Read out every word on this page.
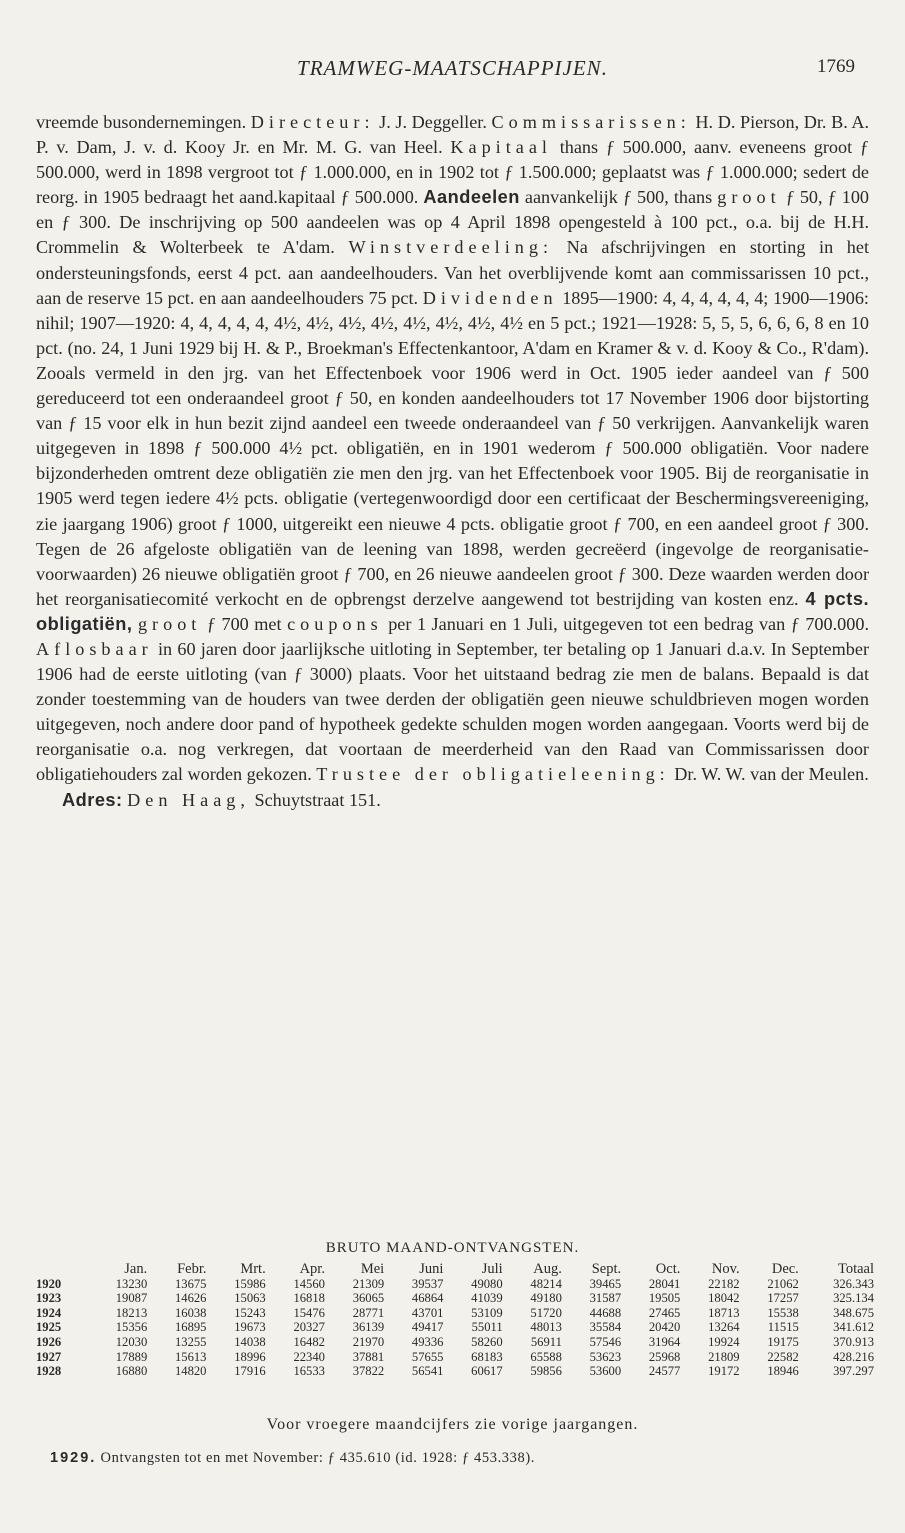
TRAMWEG-MAATSCHAPPIJEN.	1769

vreemde busondernemingen. Directeur: J. J. Deggeller. Commissarissen: H. D. Pierson, Dr. B. A. P. v. Dam, J. v. d. Kooy Jr. en Mr. M. G. van Heel. Kapitaal thans ƒ 500.000, aanv. eveneens groot ƒ 500.000, werd in 1898 vergroot tot ƒ 1.000.000, en in 1902 tot ƒ 1.500.000; geplaatst was ƒ 1.000.000; sedert de reorg. in 1905 bedraagt het aand.kapitaal ƒ 500.000. Aandeelen aanvankelijk ƒ 500, thans groot ƒ 50, ƒ 100 en ƒ 300. De inschrijving op 500 aandeelen was op 4 April 1898 opengesteld à 100 pct., o.a. bij de H.H. Crommelin & Wolterbeek te A'dam. Winstverdeeling: Na afschrijvingen en storting in het ondersteuningsfonds, eerst 4 pct. aan aandeelhouders. Van het overblijvende komt aan commissarissen 10 pct., aan de reserve 15 pct. en aan aandeelhouders 75 pct. Dividenden 1895—1900: 4, 4, 4, 4, 4, 4; 1900—1906: nihil; 1907—1920: 4, 4, 4, 4, 4, 4½, 4½, 4½, 4½, 4½, 4½, 4½, 4½ en 5 pct.; 1921—1928: 5, 5, 5, 6, 6, 6, 8 en 10 pct. (no. 24, 1 Juni 1929 bij H. & P., Broekman's Effectenkantoor, A'dam en Kramer & v. d. Kooy & Co., R'dam). Zooals vermeld in den jrg. van het Effectenboek voor 1906 werd in Oct. 1905 ieder aandeel van ƒ 500 gereduceerd tot een onderaandeel groot ƒ 50, en konden aandeelhouders tot 17 November 1906 door bijstorting van ƒ 15 voor elk in hun bezit zijnd aandeel een tweede onderaandeel van ƒ 50 verkrijgen. Aanvankelijk waren uitgegeven in 1898 ƒ 500.000 4½ pct. obligatiën, en in 1901 wederom ƒ 500.000 obligatiën. Voor nadere bijzonderheden omtrent deze obligatiën zie men den jrg. van het Effectenboek voor 1905. Bij de reorganisatie in 1905 werd tegen iedere 4½ pcts. obligatie (vertegenwoordigd door een certificaat der Beschermingsvereeniging, zie jaargang 1906) groot ƒ 1000, uitgereikt een nieuwe 4 pcts. obligatie groot ƒ 700, en een aandeel groot ƒ 300. Tegen de 26 afgeloste obligatiën van de leening van 1898, werden gecreëerd (ingevolge de reorganisatie-voorwaarden) 26 nieuwe obligatiën groot ƒ 700, en 26 nieuwe aandeelen groot ƒ 300. Deze waarden werden door het reorganisatiecomité verkocht en de opbrengst derzelve aangewend tot bestrijding van kosten enz. 4 pcts. obligatiën, groot ƒ 700 met coupons per 1 Januari en 1 Juli, uitgegeven tot een bedrag van ƒ 700.000. Aflosbaar in 60 jaren door jaarlijksche uitloting in September, ter betaling op 1 Januari d.a.v. In September 1906 had de eerste uitloting (van ƒ 3000) plaats. Voor het uitstaand bedrag zie men de balans. Bepaald is dat zonder toestemming van de houders van twee derden der obligatiën geen nieuwe schuldbrieven mogen worden uitgegeven, noch andere door pand of hypotheek gedekte schulden mogen worden aangegaan. Voorts werd bij de reorganisatie o.a. nog verkregen, dat voortaan de meerderheid van den Raad van Commissarissen door obligatiehouders zal worden gekozen. Trustee der obligatieleening: Dr. W. W. van der Meulen.

Adres: Den Haag, Schuytstraat 151.

BRUTO MAAND-ONTVANGSTEN.
	Jan.	Febr.	Mrt.	Apr.	Mei	Juni	Juli	Aug.	Sept.	Oct.	Nov.	Dec.	Totaal
1920	13230	13675	15986	14560	21309	39537	49080	48214	39465	28041	22182	21062	326.343
1923	19087	14626	15063	16818	36065	46864	41039	49180	31587	19505	18042	17257	325.134
1924	18213	16038	15243	15476	28771	43701	53109	51720	44688	27465	18713	15538	348.675
1925	15356	16895	19673	20327	36139	49417	55011	48013	35584	20420	13264	11515	341.612
1926	12030	13255	14038	16482	21970	49336	58260	56911	57546	31964	19924	19175	370.913
1927	17889	15613	18996	22340	37881	57655	68183	65588	53623	25968	21809	22582	428.216
1928	16880	14820	17916	16533	37822	56541	60617	59856	53600	24577	19172	18946	397.297
Voor vroegere maandcijfers zie vorige jaargangen.
1929. Ontvangsten tot en met November: ƒ 435.610 (id. 1928: ƒ 453.338).
